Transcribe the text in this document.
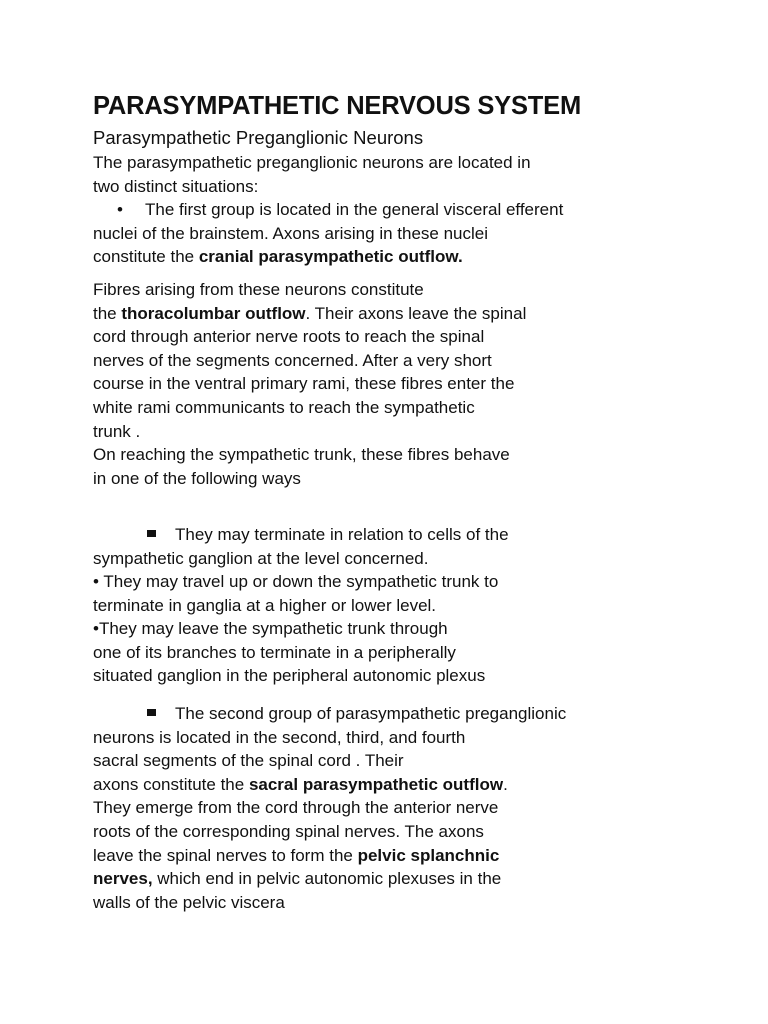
PARASYMPATHETIC NERVOUS SYSTEM
Parasympathetic Preganglionic Neurons
The parasympathetic preganglionic neurons are located in
two distinct situations:
• The first group is located in the general visceral efferent
nuclei of the brainstem. Axons arising in these nuclei
constitute the cranial parasympathetic outflow.
Fibres arising from these neurons constitute
the thoracolumbar outflow. Their axons leave the spinal
cord through anterior nerve roots to reach the spinal
nerves of the segments concerned. After a very short
course in the ventral primary rami, these fibres enter the
white rami communicants to reach the sympathetic
trunk .
On reaching the sympathetic trunk, these fibres behave
in one of the following ways
They may terminate in relation to cells of the
sympathetic ganglion at the level concerned.
• They may travel up or down the sympathetic trunk to
terminate in ganglia at a higher or lower level.
•They may leave the sympathetic trunk through
one of its branches to terminate in a peripherally
situated ganglion in the peripheral autonomic plexus
The second group of parasympathetic preganglionic
neurons is located in the second, third, and fourth
sacral segments of the spinal cord . Their
axons constitute the sacral parasympathetic outflow.
They emerge from the cord through the anterior nerve
roots of the corresponding spinal nerves. The axons
leave the spinal nerves to form the pelvic splanchnic
nerves, which end in pelvic autonomic plexuses in the
walls of the pelvic viscera
